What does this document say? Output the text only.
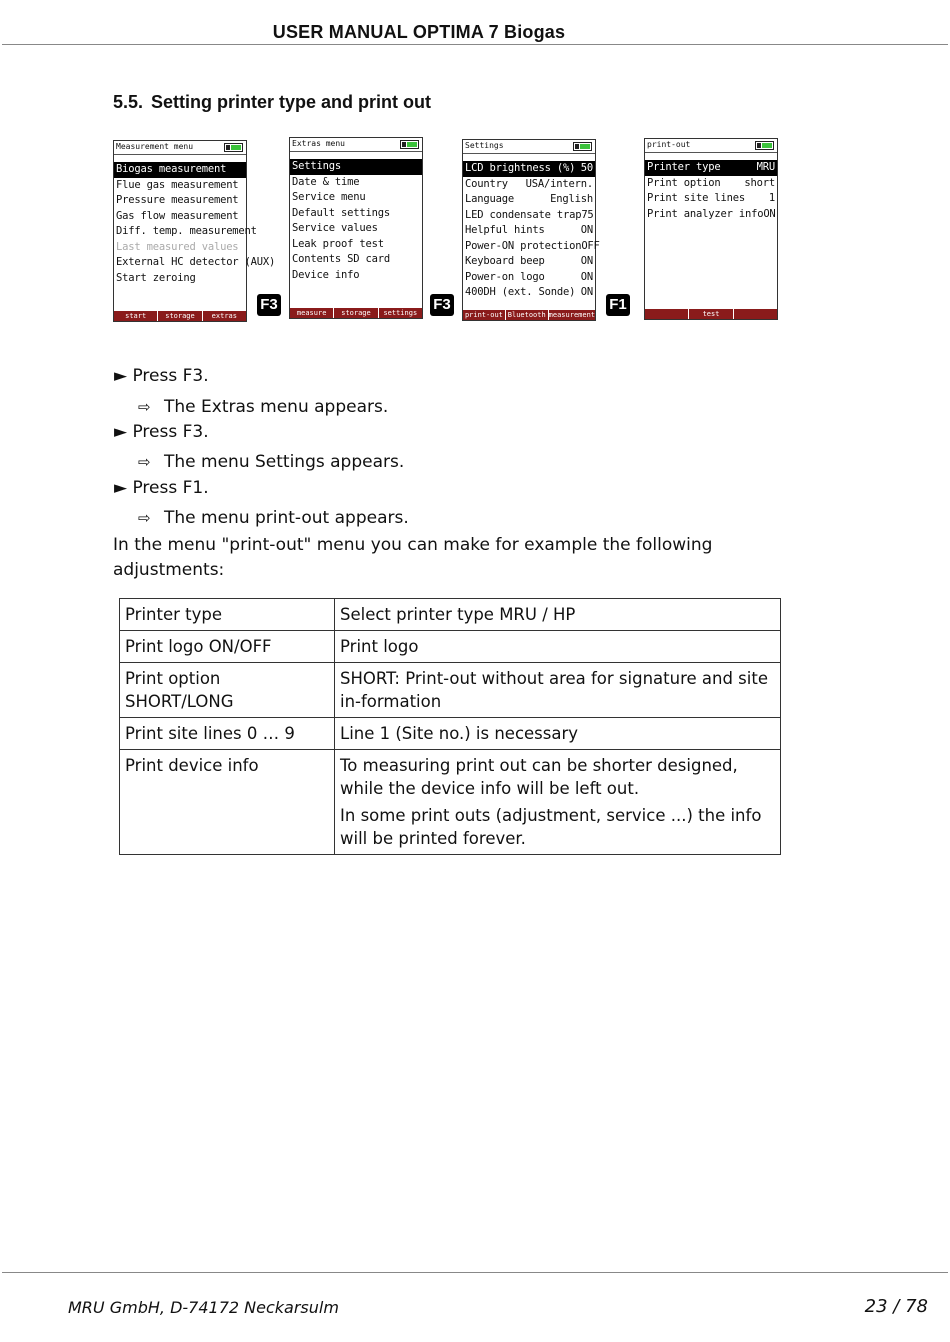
USER MANUAL OPTIMA 7 Biogas
5.5. Setting printer type and print out
Measurement menu
Biogas measurement
Flue gas measurement
Pressure measurement
Gas flow measurement
Diff. temp. measurement
Last measured values
External HC detector (AUX)
Start zeroing
start	storage	extras
F3
Extras menu
Settings
Date & time
Service menu
Default settings
Service values
Leak proof test
Contents SD card
Device info
measure	storage	settings	F3
Settings
LCD brightness (%) 50
Country USA/intern.
Language	English
LED condensate trap 75
Helpful hints	ON
Power-ON protection OFF
Keyboard beep	ON
Power-on logo	ON
400DH (ext. Sonde) ON
print-out Bluetooth measurement
F1
print-out
Printer type	MRU
Print option short
Print site lines 1
Print analyzer info ON
test
► Press F3.
⇨ The Extras menu appears.
► Press F3.
⇨ The menu Settings appears.
► Press F1.
⇨ The menu print-out appears.
In the menu "print-out" menu you can make for example the following adjustments:
Printer type	Select printer type MRU / HP

Print logo ON/OFF	Print logo

Print option SHORT/LONG	SHORT: Print-out without area for signature and site in-formation

Print site lines 0 … 9	Line 1 (Site no.) is necessary

Print device info	To measuring print out can be shorter designed, while the device info will be left out.

In some print outs (adjustment, service ...) the info will be printed forever.

MRU GmbH, D-74172 Neckarsulm	23 / 78
